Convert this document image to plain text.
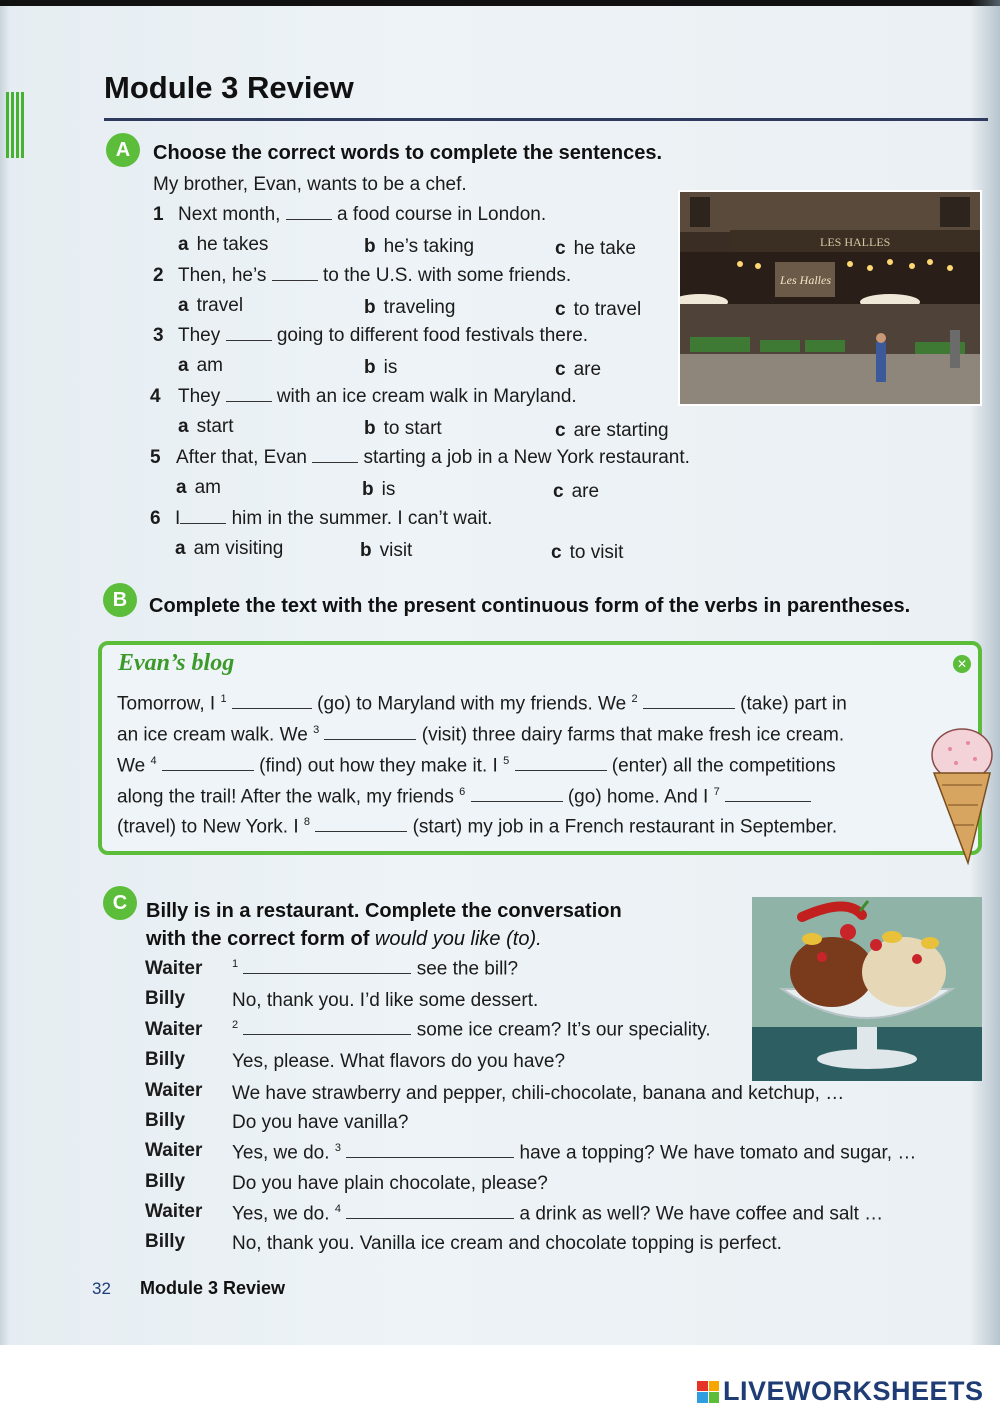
Module 3 Review
A	Choose the correct words to complete the sentences.
My brother, Evan, wants to be a chef.
1 Next month,	a food course in London.
a he takes	b he’s taking	c he take
2 Then, he’s	to the U.S. with some friends.
a travel	b traveling	c to travel
3 They	going to different food festivals there.
a am	b is	c are
4 They	with an ice cream walk in Maryland.
a start	b to start	c are starting
5 After that, Evan	starting a job in a New York restaurant.
a am	b is	c are
6 I	him in the summer. I can’t wait.
a am visiting	b visit	c to visit
LES HALLES
Les Halles
B	Complete the text with the present continuous form of the verbs in parentheses.
Evan’s blog	✕
Tomorrow, I $^1$	(go) to Maryland with my friends. We $^2$	(take) part in
an ice cream walk. We $^3$	(visit) three dairy farms that make fresh ice cream.
We $^4$	(find) out how they make it. I $^5$	(enter) all the competitions
along the trail! After the walk, my friends $^6$	(go) home. And I $^7$
(travel) to New York. I $^8$	(start) my job in a French restaurant in September.
C Billy is in a restaurant. Complete the conversation
with the correct form of would you like (to).
Waiter	$^1$	see the bill?
Billy No, thank you. I’d like some dessert.
Waiter	$^2$	some ice cream? It’s our speciality.
Billy Yes, please. What flavors do you have?
Waiter We have strawberry and pepper, chili-chocolate, banana and ketchup, …
Billy Do you have vanilla?
Waiter Yes, we do. $^3$	have a topping? We have tomato and sugar, …
Billy Do you have plain chocolate, please?
Waiter Yes, we do. $^4$	a drink as well? We have coffee and salt …
Billy No, thank you. Vanilla ice cream and chocolate topping is perfect.
32 Module 3 Review
LIVEWORKSHEETS
